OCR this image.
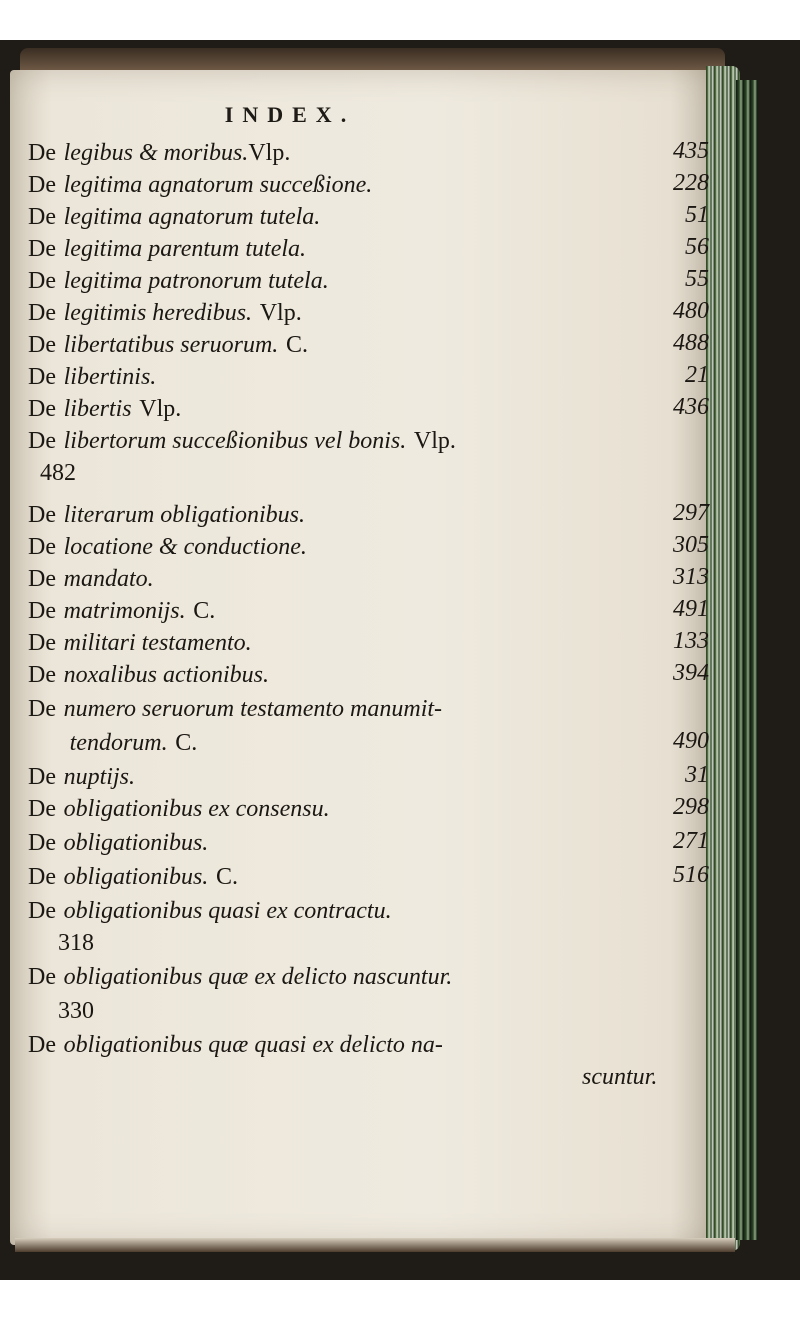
INDEX.
De legibus & moribus.Vlp.	435
De legitima agnatorum succeßione.	228
De legitima agnatorum tutela.	51
De legitima parentum tutela.	56
De legitima patronorum tutela.	55
De legitimis heredibus. Vlp.	480
De libertatibus seruorum. C.	488
De libertinis.	21
De libertis Vlp.	436
De libertorum succeßionibus vel bonis. Vlp.
482
De literarum obligationibus.	297
De locatione & conductione.	305
De mandato.	313
De matrimonijs. C.	491
De militari testamento.	133
De noxalibus actionibus.	394
De numero seruorum testamento manumit-
tendorum. C.	490
De nuptijs.	31
De obligationibus ex consensu.	298
De obligationibus.	271
De obligationibus. C.	516
De obligationibus quasi ex contractu.
318
De obligationibus quæ ex delicto nascuntur.
330
De obligationibus quæ quasi ex delicto na-
scuntur.
